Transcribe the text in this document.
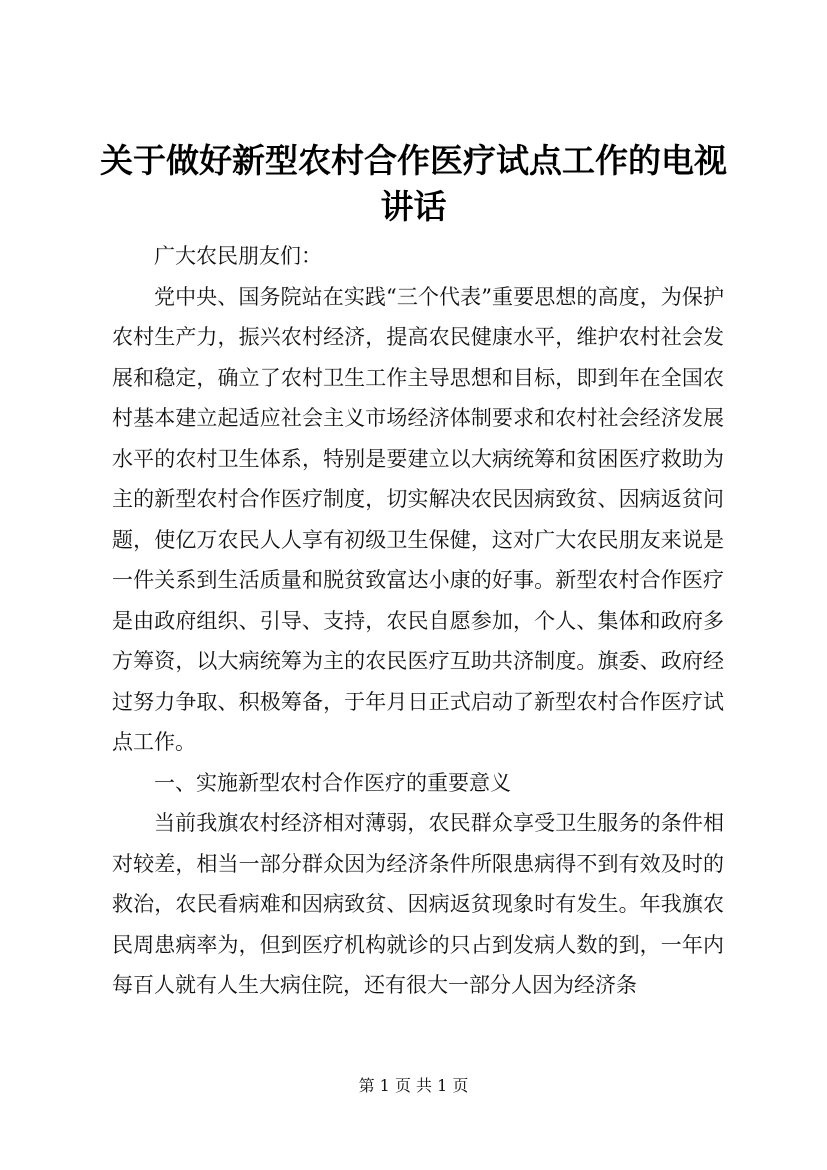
关于做好新型农村合作医疗试点工作的电视讲话

广大农民朋友们：

党中央、国务院站在实践“三个代表”重要思想的高度，为保护农村生产力，振兴农村经济，提高农民健康水平，维护农村社会发展和稳定，确立了农村卫生工作主导思想和目标，即到年在全国农村基本建立起适应社会主义市场经济体制要求和农村社会经济发展水平的农村卫生体系，特别是要建立以大病统筹和贫困医疗救助为主的新型农村合作医疗制度，切实解决农民因病致贫、因病返贫问题，使亿万农民人人享有初级卫生保健，这对广大农民朋友来说是一件关系到生活质量和脱贫致富达小康的好事。新型农村合作医疗是由政府组织、引导、支持，农民自愿参加，个人、集体和政府多方筹资，以大病统筹为主的农民医疗互助共济制度。旗委、政府经过努力争取、积极筹备，于年月日正式启动了新型农村合作医疗试点工作。

一、实施新型农村合作医疗的重要意义

当前我旗农村经济相对薄弱，农民群众享受卫生服务的条件相对较差，相当一部分群众因为经济条件所限患病得不到有效及时的救治，农民看病难和因病致贫、因病返贫现象时有发生。年我旗农民周患病率为，但到医疗机构就诊的只占到发病人数的到，一年内每百人就有人生大病住院，还有很大一部分人因为经济条

第 1 页 共 1 页
